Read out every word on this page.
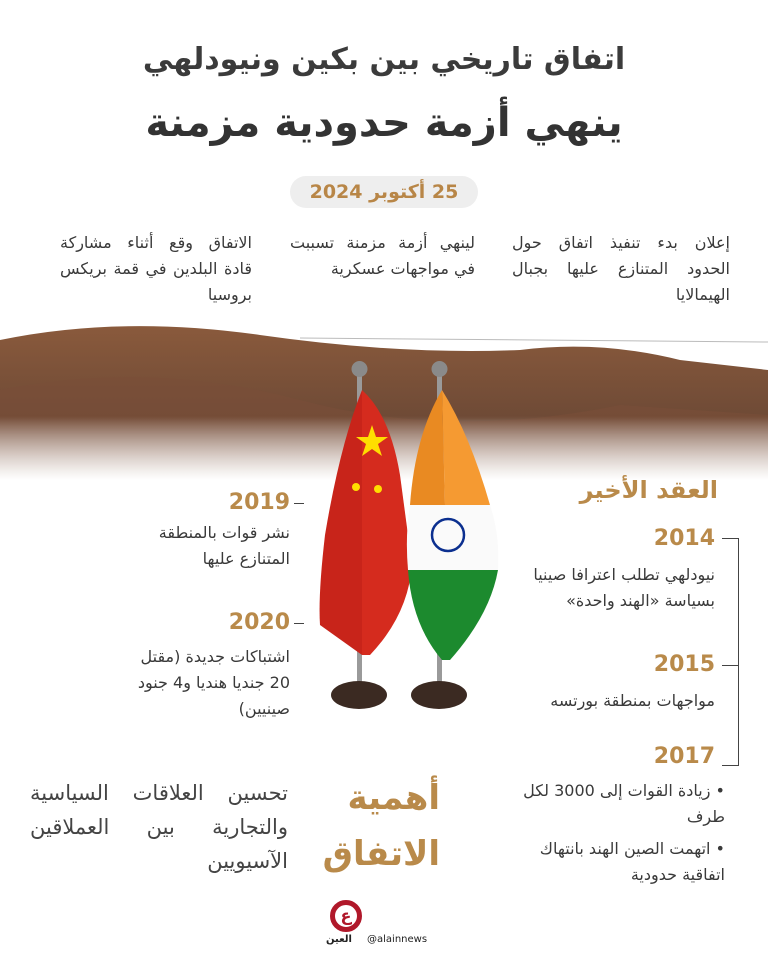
اتفاق تاريخي بين بكين ونيودلهي
ينهي أزمة حدودية مزمنة
25 أكتوبر 2024
إعلان بدء تنفيذ اتفاق حول الحدود المتنازع عليها بجبال الهيمالايا
لينهي أزمة مزمنة تسببت في مواجهات عسكرية
الاتفاق وقع أثناء مشاركة قادة البلدين في قمة بريكس بروسيا
2019
نشر قوات بالمنطقة المتنازع عليها
2020
اشتباكات جديدة (مقتل 20 جنديا هنديا و4 جنود صينيين)
العقد الأخير
2014
نيودلهي تطلب اعترافا صينيا بسياسة «الهند واحدة»
2015
مواجهات بمنطقة بورتسه
2017
• زيادة القوات إلى 3000 لكل طرف
• اتهمت الصين الهند بانتهاك اتفاقية حدودية
أهمية
الاتفاق
تحسين العلاقات السياسية والتجارية بين العملاقين الآسيويين
ع
العين @alainnews
